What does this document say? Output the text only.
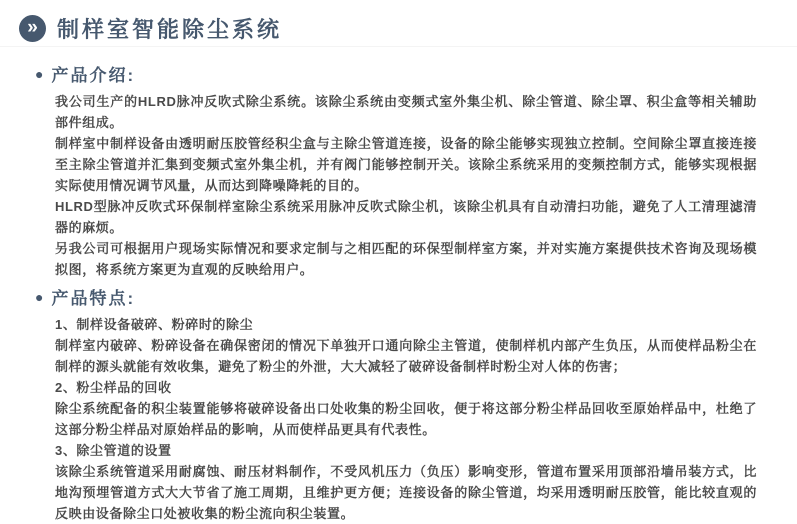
» 制样室智能除尘系统
● 产品介绍:

我公司生产的HLRD脉冲反吹式除尘系统。该除尘系统由变频式室外集尘机、除尘管道、除尘罩、积尘盒等相关辅助部件组成。

制样室中制样设备由透明耐压胶管经积尘盒与主除尘管道连接，设备的除尘能够实现独立控制。空间除尘罩直接连接至主除尘管道并汇集到变频式室外集尘机，并有阀门能够控制开关。该除尘系统采用的变频控制方式，能够实现根据实际使用情况调节风量，从而达到降噪降耗的目的。

HLRD型脉冲反吹式环保制样室除尘系统采用脉冲反吹式除尘机，该除尘机具有自动清扫功能，避免了人工清理滤清器的麻烦。

另我公司可根据用户现场实际情况和要求定制与之相匹配的环保型制样室方案，并对实施方案提供技术咨询及现场模拟图，将系统方案更为直观的反映给用户。

● 产品特点:

1、制样设备破碎、粉碎时的除尘

制样室内破碎、粉碎设备在确保密闭的情况下单独开口通向除尘主管道，使制样机内部产生负压，从而使样品粉尘在制样的源头就能有效收集，避免了粉尘的外泄，大大减轻了破碎设备制样时粉尘对人体的伤害；

2、粉尘样品的回收

除尘系统配备的积尘装置能够将破碎设备出口处收集的粉尘回收，便于将这部分粉尘样品回收至原始样品中，杜绝了这部分粉尘样品对原始样品的影响，从而使样品更具有代表性。

3、除尘管道的设置

该除尘系统管道采用耐腐蚀、耐压材料制作，不受风机压力（负压）影响变形，管道布置采用顶部沿墙吊装方式，比地沟预埋管道方式大大节省了施工周期，且维护更方便；连接设备的除尘管道，均采用透明耐压胶管，能比较直观的反映由设备除尘口处被收集的粉尘流向积尘装置。
